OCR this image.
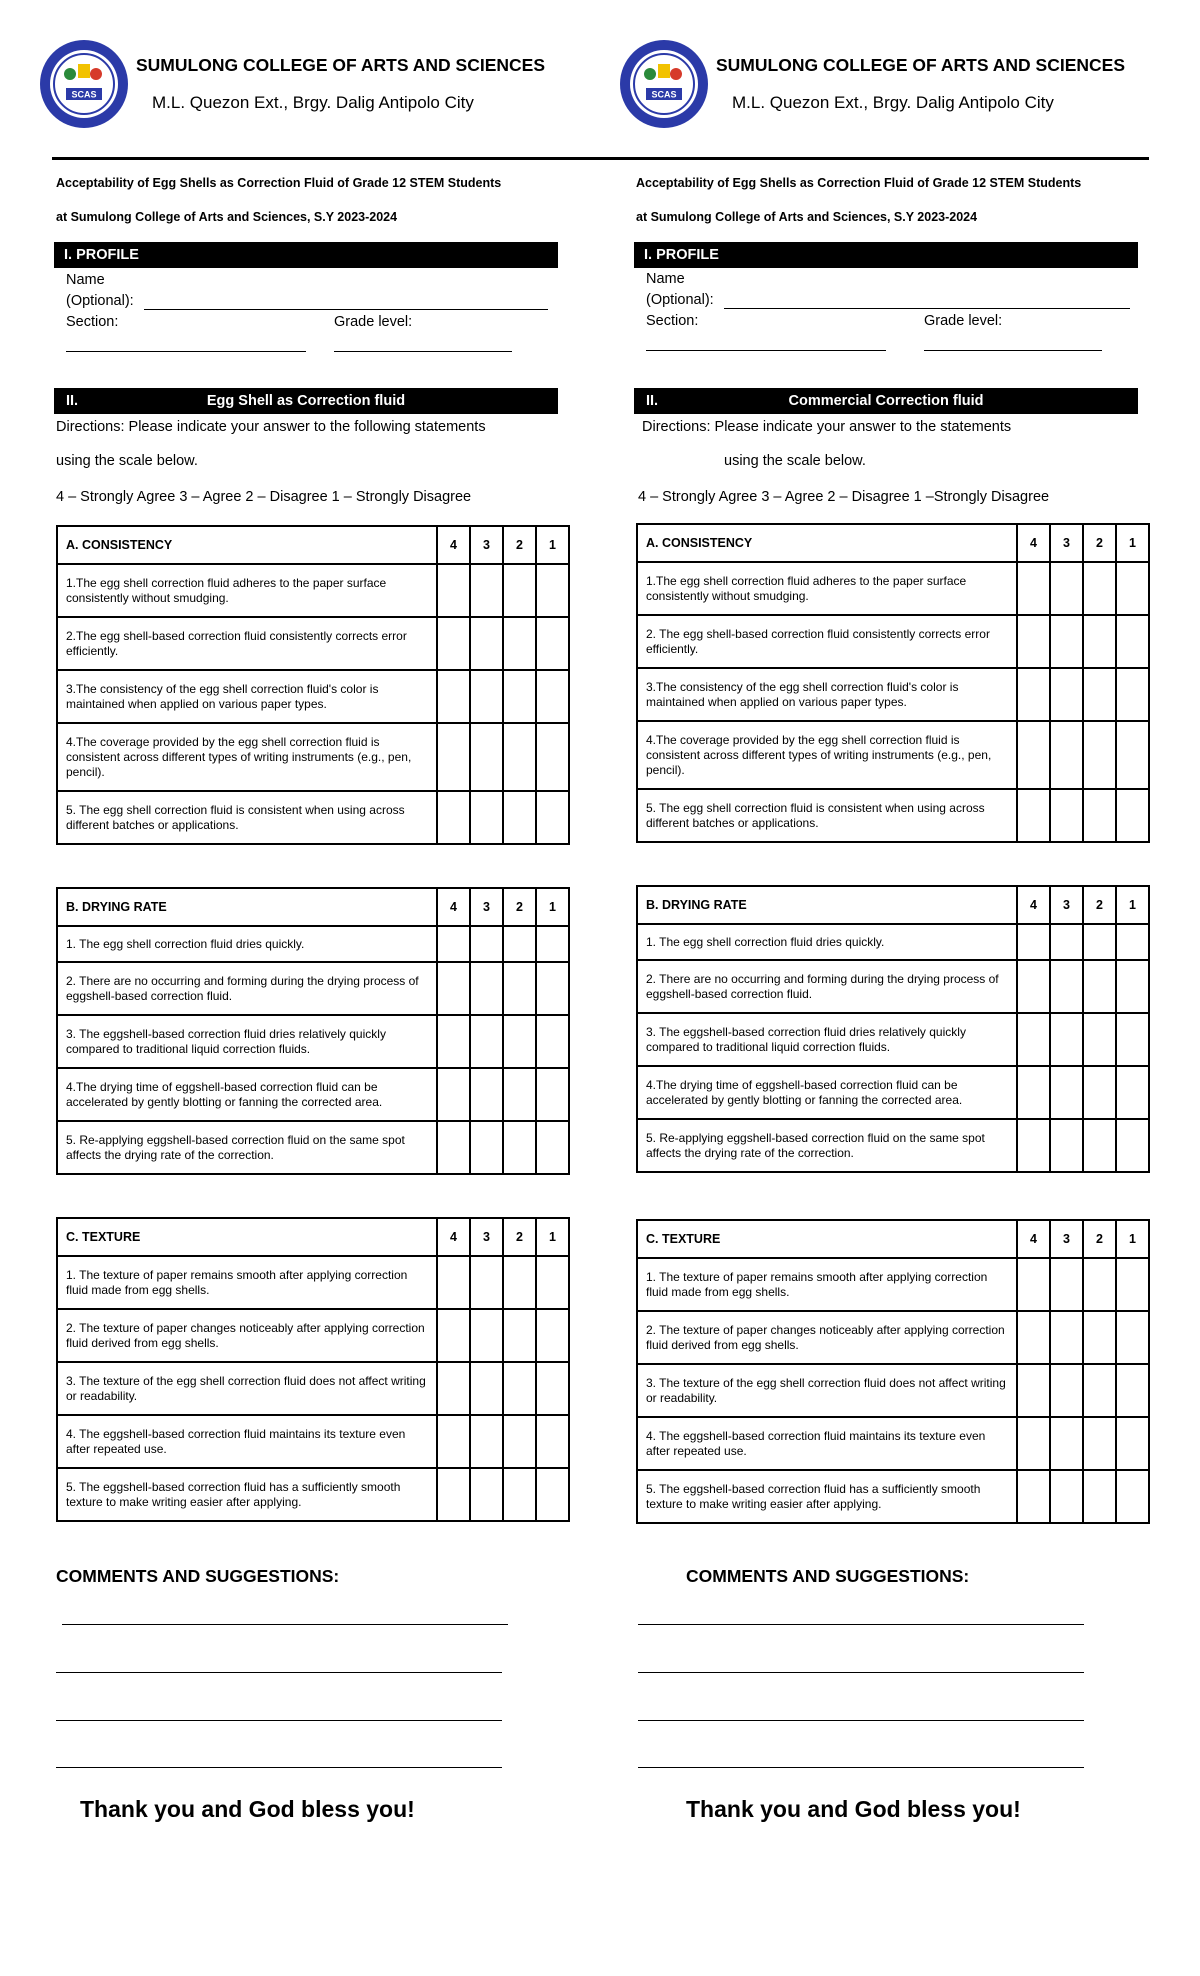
SCAS
SUMULONG COLLEGE OF ARTS AND SCIENCES
M.L. Quezon Ext., Brgy. Dalig Antipolo City
Acceptability of Egg Shells as Correction Fluid of Grade 12 STEM Students
at Sumulong College of Arts and Sciences, S.Y 2023-2024
I. PROFILE
Name
(Optional):
Section:	Grade level:
II.	Egg Shell as Correction fluid
Directions: Please indicate your answer to the following statements
using the scale below.
4 – Strongly Agree 3 – Agree 2 – Disagree 1 – Strongly Disagree
A. CONSISTENCY	4	3	2	1
1.The egg shell correction fluid adheres to the paper surface consistently without smudging.				
2.The egg shell-based correction fluid consistently corrects error efficiently.				
3.The consistency of the egg shell correction fluid's color is maintained when applied on various paper types.				
4.The coverage provided by the egg shell correction fluid is consistent across different types of writing instruments (e.g., pen, pencil).				
5. The egg shell correction fluid is consistent when using across different batches or applications.				
B. DRYING RATE	4	3	2	1
1. The egg shell correction fluid dries quickly.				
2. There are no occurring and forming during the drying process of eggshell-based correction fluid.				
3. The eggshell-based correction fluid dries relatively quickly compared to traditional liquid correction fluids.				
4.The drying time of eggshell-based correction fluid can be accelerated by gently blotting or fanning the corrected area.				
5. Re-applying eggshell-based correction fluid on the same spot affects the drying rate of the correction.				
C. TEXTURE	4	3	2	1
1. The texture of paper remains smooth after applying correction fluid made from egg shells.				
2. The texture of paper changes noticeably after applying correction fluid derived from egg shells.				
3. The texture of the egg shell correction fluid does not affect writing or readability.				
4. The eggshell-based correction fluid maintains its texture even after repeated use.				
5. The eggshell-based correction fluid has a sufficiently smooth texture to make writing easier after applying.				
COMMENTS AND SUGGESTIONS:
Thank you and God bless you!
SCAS
SUMULONG COLLEGE OF ARTS AND SCIENCES
M.L. Quezon Ext., Brgy. Dalig Antipolo City
Acceptability of Egg Shells as Correction Fluid of Grade 12 STEM Students
at Sumulong College of Arts and Sciences, S.Y 2023-2024
I. PROFILE
Name
(Optional):
Section:	Grade level:
II.	Commercial Correction fluid
Directions: Please indicate your answer to the statements
using the scale below.
4 – Strongly Agree 3 – Agree 2 – Disagree 1 –Strongly Disagree
A. CONSISTENCY	4	3	2	1
1.The egg shell correction fluid adheres to the paper surface consistently without smudging.				
2. The egg shell-based correction fluid consistently corrects error efficiently.				
3.The consistency of the egg shell correction fluid's color is maintained when applied on various paper types.				
4.The coverage provided by the egg shell correction fluid is consistent across different types of writing instruments (e.g., pen, pencil).				
5. The egg shell correction fluid is consistent when using across different batches or applications.				
B. DRYING RATE	4	3	2	1
1. The egg shell correction fluid dries quickly.				
2. There are no occurring and forming during the drying process of eggshell-based correction fluid.				
3. The eggshell-based correction fluid dries relatively quickly compared to traditional liquid correction fluids.				
4.The drying time of eggshell-based correction fluid can be accelerated by gently blotting or fanning the corrected area.				
5. Re-applying eggshell-based correction fluid on the same spot affects the drying rate of the correction.				
C. TEXTURE	4	3	2	1
1. The texture of paper remains smooth after applying correction fluid made from egg shells.				
2. The texture of paper changes noticeably after applying correction fluid derived from egg shells.				
3. The texture of the egg shell correction fluid does not affect writing or readability.				
4. The eggshell-based correction fluid maintains its texture even after repeated use.				
5. The eggshell-based correction fluid has a sufficiently smooth texture to make writing easier after applying.				
COMMENTS AND SUGGESTIONS:
Thank you and God bless you!
